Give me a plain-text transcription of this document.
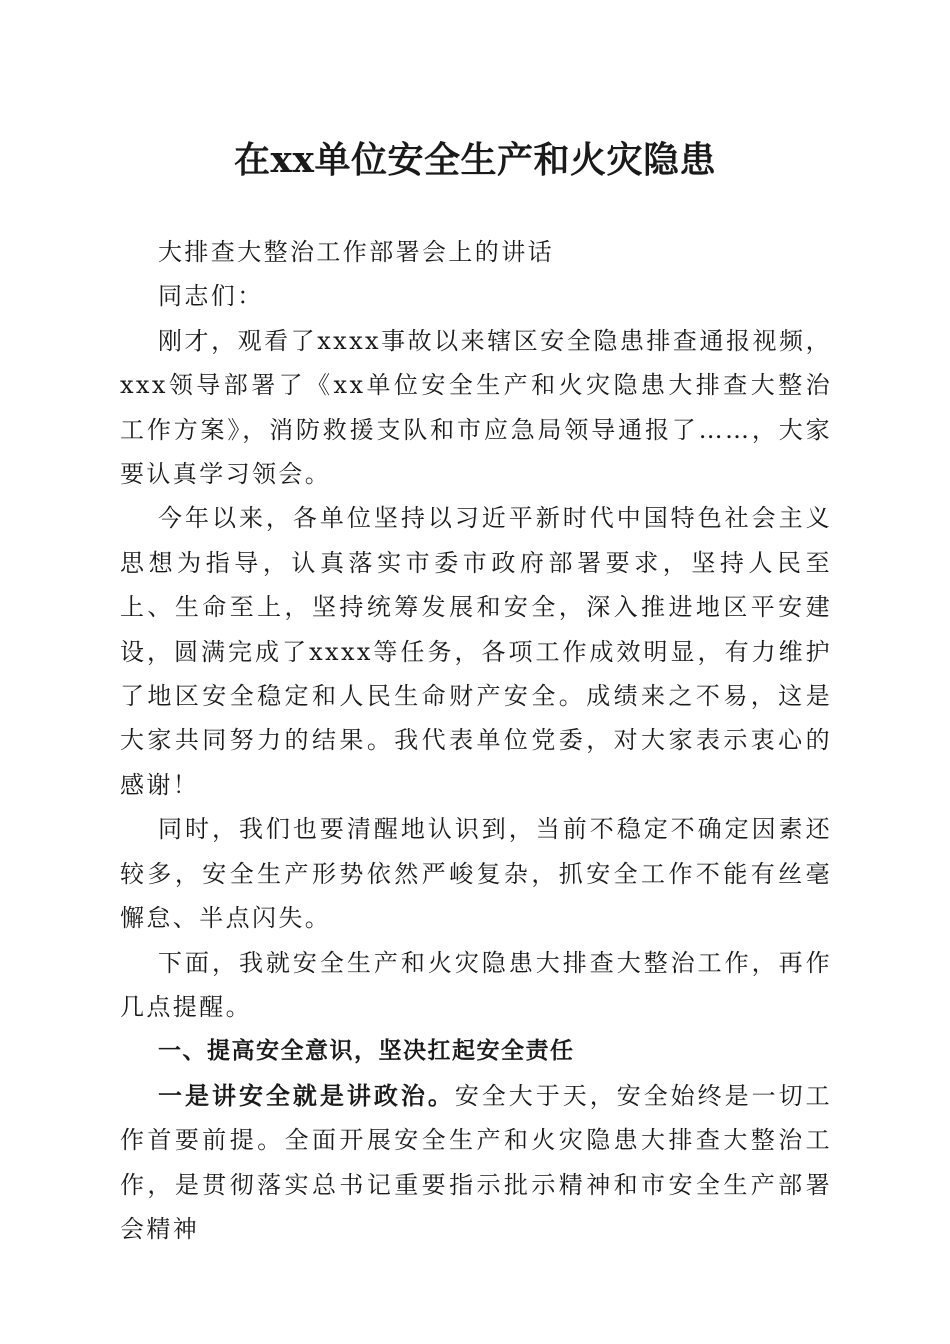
在xx单位安全生产和火灾隐患

大排查大整治工作部署会上的讲话

同志们：

刚才，观看了xxxx事故以来辖区安全隐患排查通报视频，xxx领导部署了《xx单位安全生产和火灾隐患大排查大整治工作方案》，消防救援支队和市应急局领导通报了……，大家要认真学习领会。

今年以来，各单位坚持以习近平新时代中国特色社会主义思想为指导，认真落实市委市政府部署要求，坚持人民至上、生命至上，坚持统筹发展和安全，深入推进地区平安建设，圆满完成了xxxx等任务，各项工作成效明显，有力维护了地区安全稳定和人民生命财产安全。成绩来之不易，这是大家共同努力的结果。我代表单位党委，对大家表示衷心的感谢！

同时，我们也要清醒地认识到，当前不稳定不确定因素还较多，安全生产形势依然严峻复杂，抓安全工作不能有丝毫懈怠、半点闪失。

下面，我就安全生产和火灾隐患大排查大整治工作，再作几点提醒。

一、提高安全意识，坚决扛起安全责任

一是讲安全就是讲政治。安全大于天，安全始终是一切工作首要前提。全面开展安全生产和火灾隐患大排查大整治工作，是贯彻落实总书记重要指示批示精神和市安全生产部署会精神
